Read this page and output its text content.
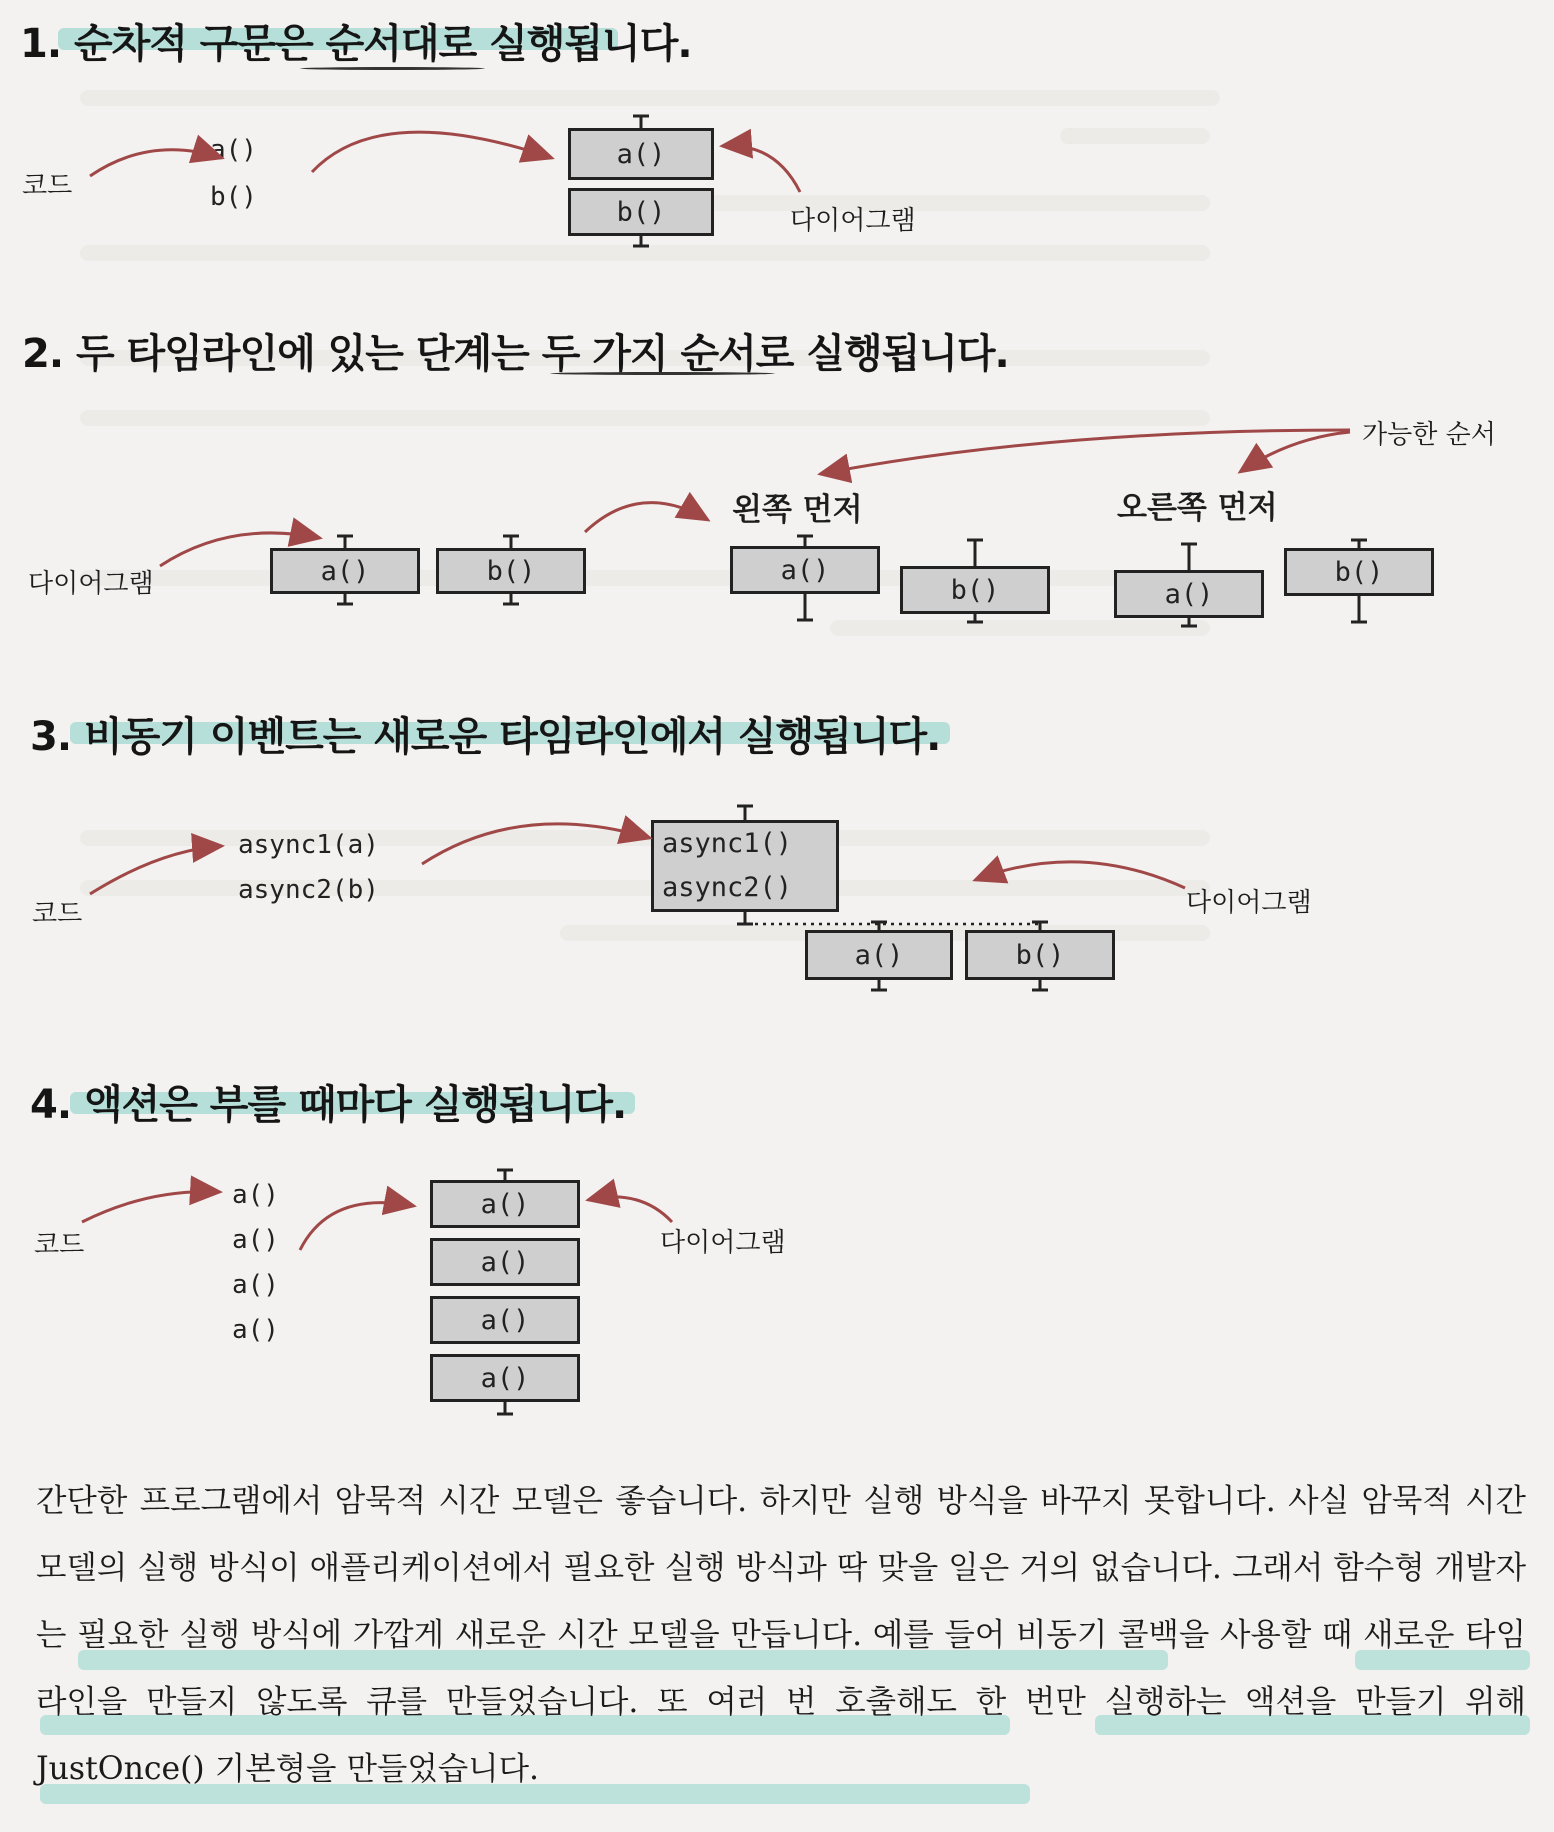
1. 순차적 구문은 순서대로 실행됩니다.
코드
a()
b()
a()
b()	다이어그램
2. 두 타임라인에 있는 단계는 두 가지 순서로 실행됩니다.
가능한 순서
왼쪽 먼저	오른쪽 먼저
다이어그램	a()	b()	a()
b()	a()
b()
3. 비동기 이벤트는 새로운 타임라인에서 실행됩니다.
코드
async1(a)
async2(b)
async1()
async2()	다이어그램
a()	b()
4. 액션은 부를 때마다 실행됩니다.
코드
a()
a()
a()
a()
a()
a()
a()
a()
다이어그램
간단한 프로그램에서 암묵적 시간 모델은 좋습니다. 하지만 실행 방식을 바꾸지 못합니다. 사실 암묵적 시간 모델의 실행 방식이 애플리케이션에서 필요한 실행 방식과 딱 맞을 일은 거의 없습니다. 그래서 함수형 개발자는 필요한 실행 방식에 가깝게 새로운 시간 모델을 만듭니다. 예를 들어 비동기 콜백을 사용할 때 새로운 타임라인을 만들지 않도록 큐를 만들었습니다. 또 여러 번 호출해도 한 번만 실행하는 액션을 만들기 위해 JustOnce() 기본형을 만들었습니다.
